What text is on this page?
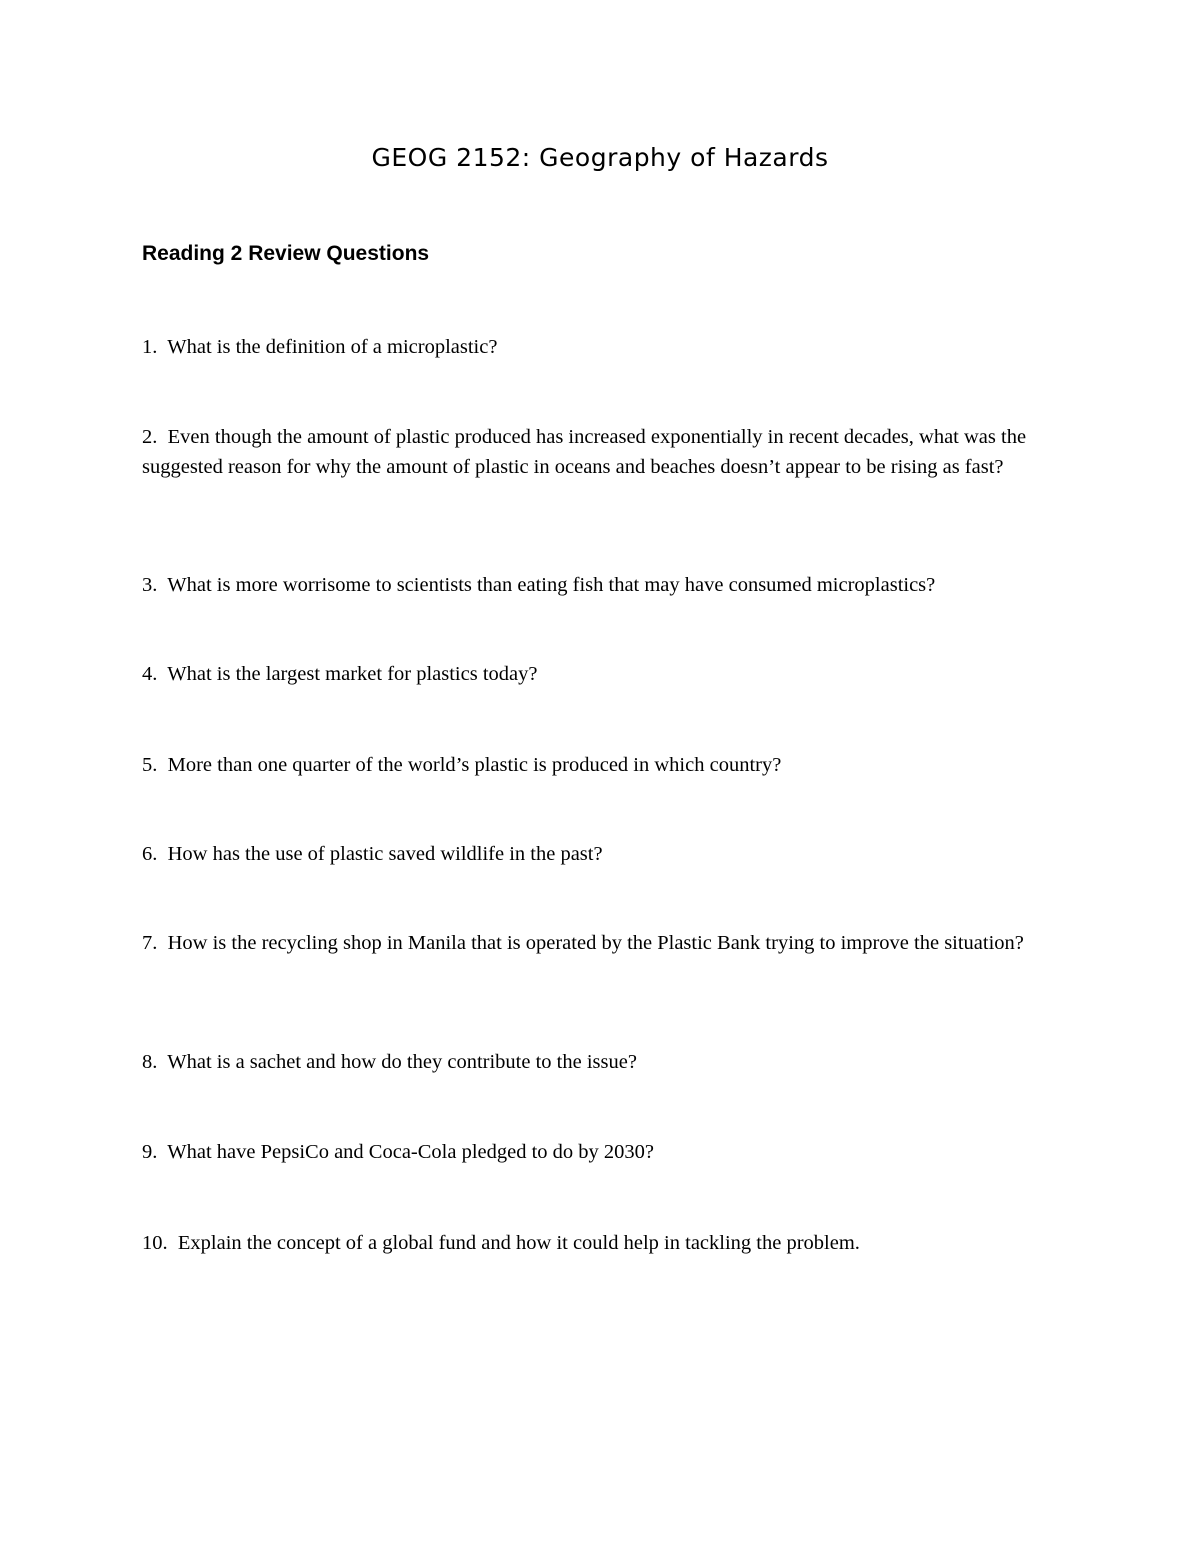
GEOG 2152: Geography of Hazards
Reading 2 Review Questions
1. What is the definition of a microplastic?
2. Even though the amount of plastic produced has increased exponentially in recent decades, what was the suggested reason for why the amount of plastic in oceans and beaches doesn’t appear to be rising as fast?
3. What is more worrisome to scientists than eating fish that may have consumed microplastics?
4. What is the largest market for plastics today?
5. More than one quarter of the world’s plastic is produced in which country?
6. How has the use of plastic saved wildlife in the past?
7. How is the recycling shop in Manila that is operated by the Plastic Bank trying to improve the situation?
8. What is a sachet and how do they contribute to the issue?
9. What have PepsiCo and Coca-Cola pledged to do by 2030?
10. Explain the concept of a global fund and how it could help in tackling the problem.
